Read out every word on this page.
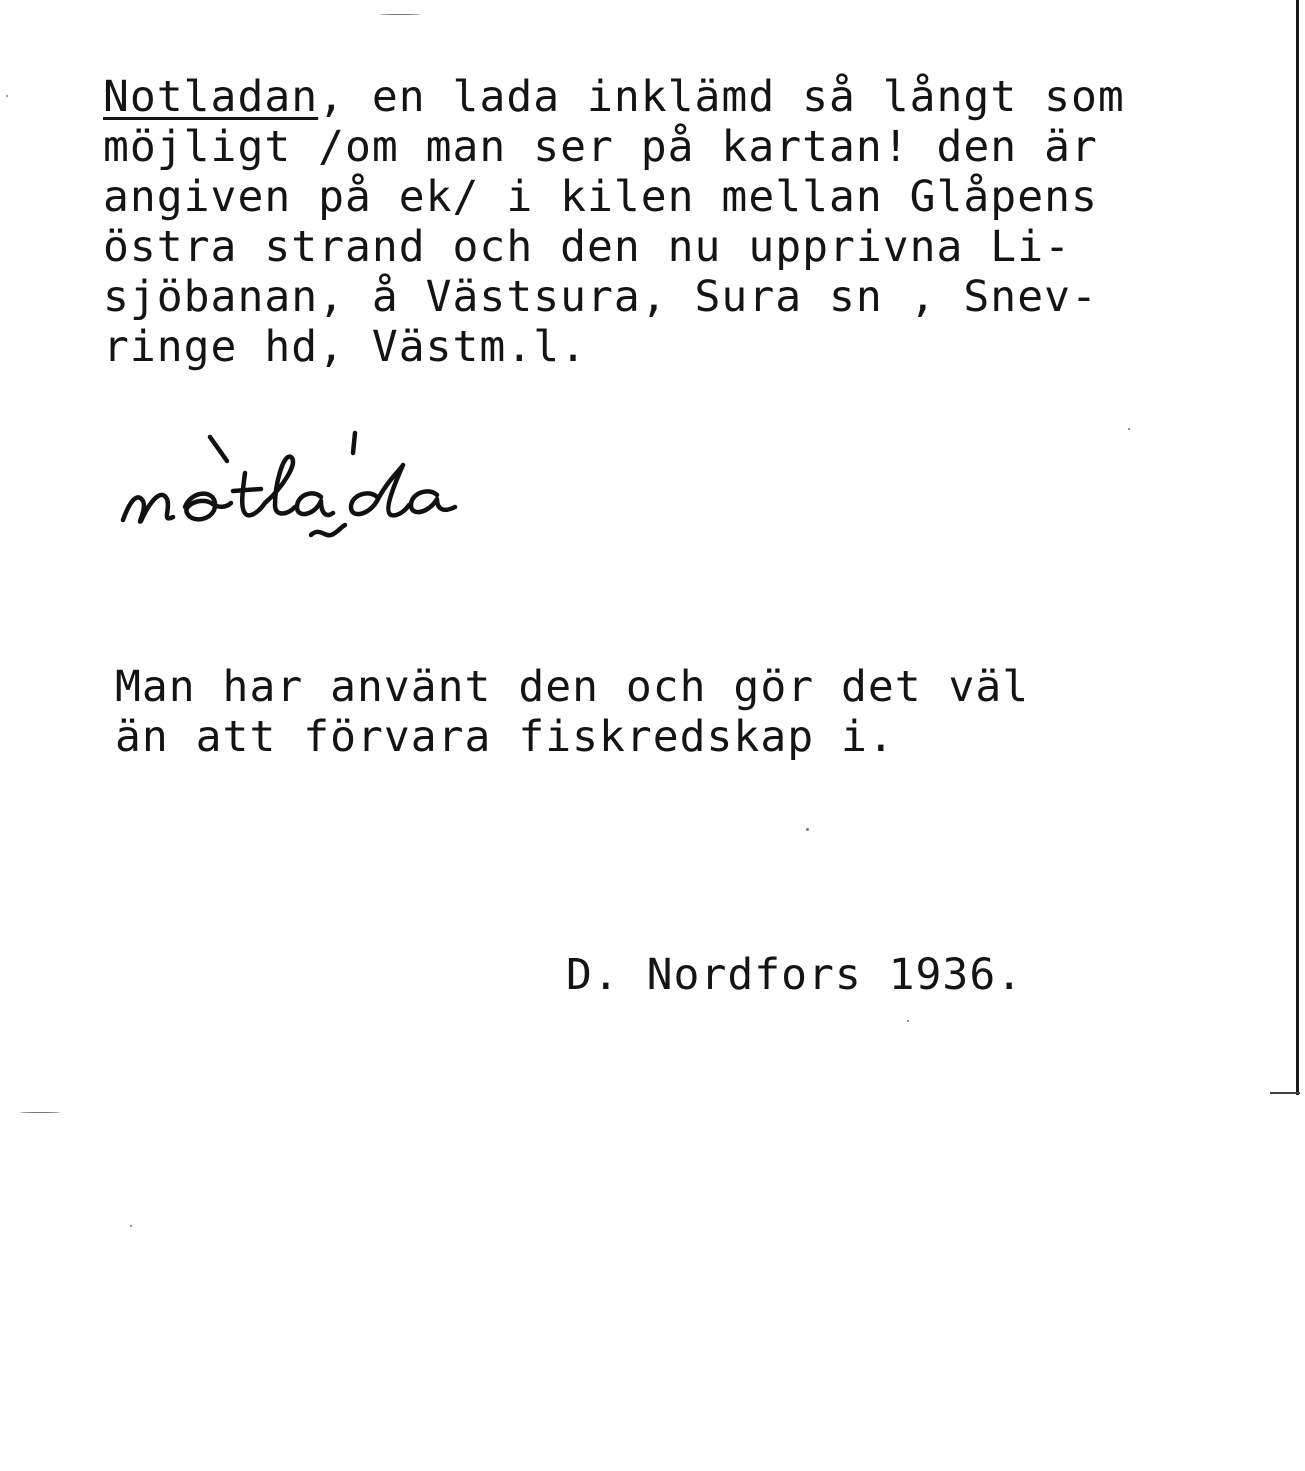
Notladan, en lada inklämd så långt som
möjligt /om man ser på kartan! den är
angiven på ek/ i kilen mellan Glåpens
östra strand och den nu upprivna Li-
sjöbanan, å Västsura, Sura sn , Snev-
ringe hd, Västm.l.
Man har använt den och gör det väl
än att förvara fiskredskap i.
D. Nordfors 1936.
